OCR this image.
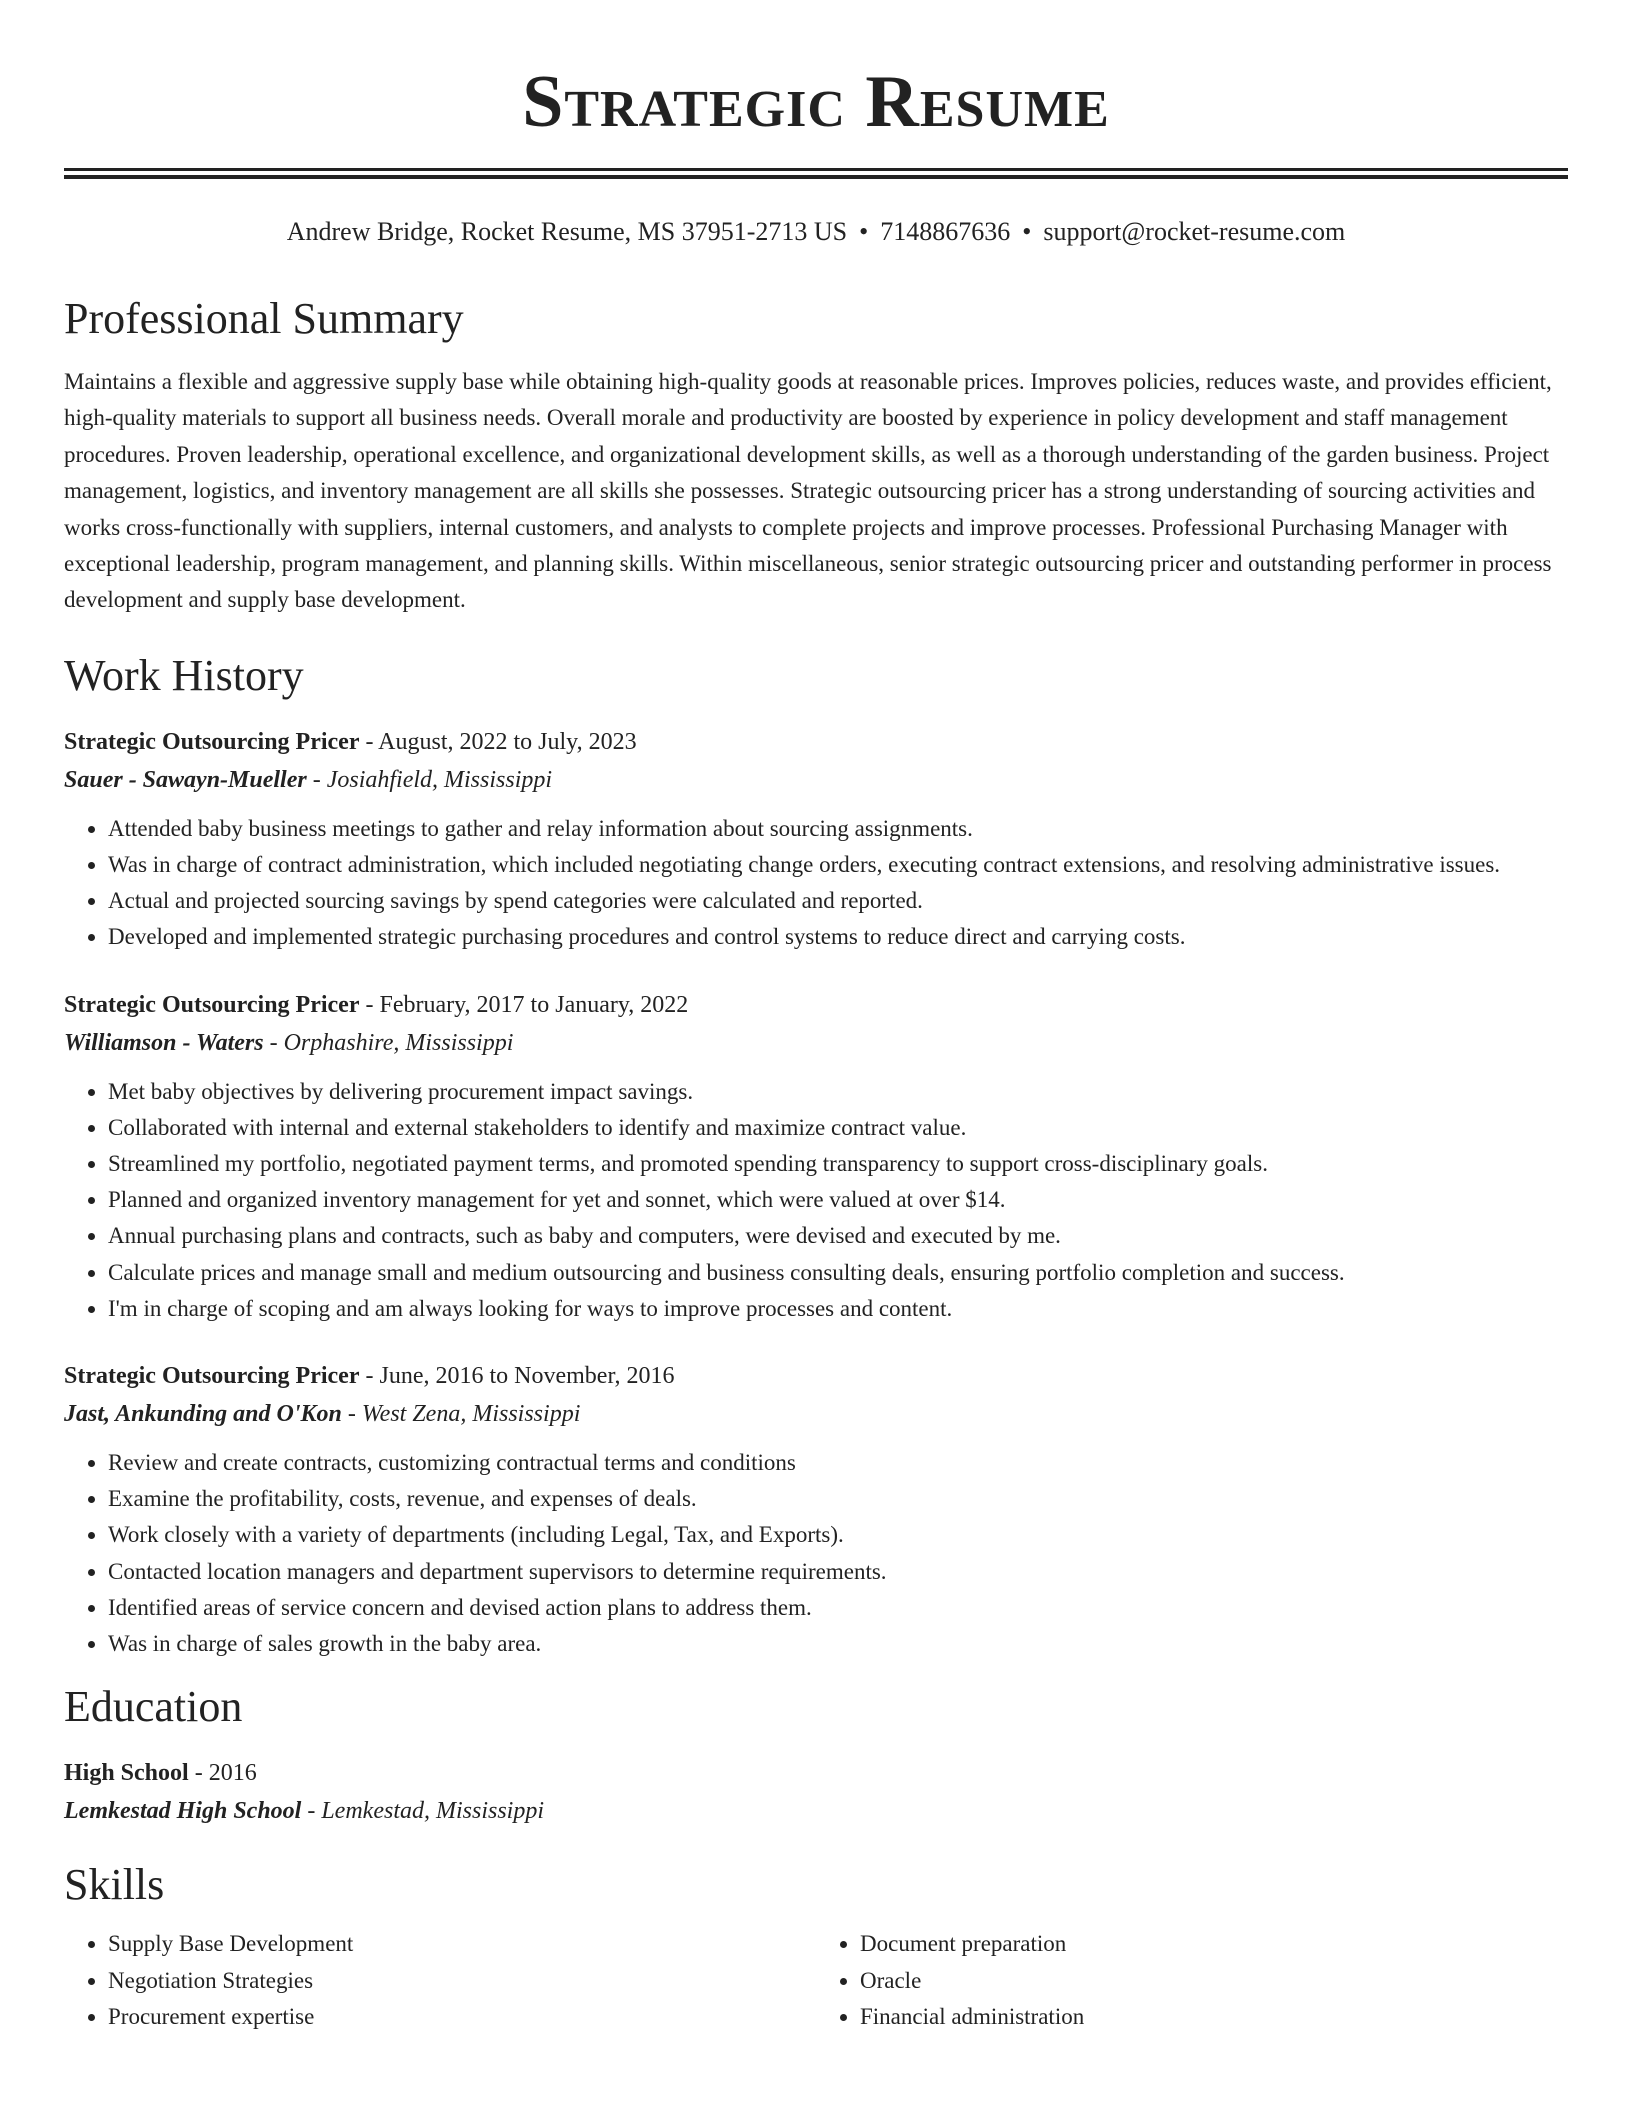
Strategic Resume
Andrew Bridge, Rocket Resume, MS 37951-2713 US • 7148867636 • support@rocket-resume.com
Professional Summary

Maintains a flexible and aggressive supply base while obtaining high-quality goods at reasonable prices. Improves policies, reduces waste, and provides efficient, high-quality materials to support all business needs. Overall morale and productivity are boosted by experience in policy development and staff management procedures. Proven leadership, operational excellence, and organizational development skills, as well as a thorough understanding of the garden business. Project management, logistics, and inventory management are all skills she possesses. Strategic outsourcing pricer has a strong understanding of sourcing activities and works cross-functionally with suppliers, internal customers, and analysts to complete projects and improve processes. Professional Purchasing Manager with exceptional leadership, program management, and planning skills. Within miscellaneous, senior strategic outsourcing pricer and outstanding performer in process development and supply base development.

Work History
Strategic Outsourcing Pricer - August, 2022 to July, 2023
Sauer - Sawayn-Mueller - Josiahfield, Mississippi
• Attended baby business meetings to gather and relay information about sourcing assignments.
• Was in charge of contract administration, which included negotiating change orders, executing contract extensions, and resolving administrative issues.
• Actual and projected sourcing savings by spend categories were calculated and reported.
• Developed and implemented strategic purchasing procedures and control systems to reduce direct and carrying costs.
Strategic Outsourcing Pricer - February, 2017 to January, 2022
Williamson - Waters - Orphashire, Mississippi
• Met baby objectives by delivering procurement impact savings.
• Collaborated with internal and external stakeholders to identify and maximize contract value.
• Streamlined my portfolio, negotiated payment terms, and promoted spending transparency to support cross-disciplinary goals.
• Planned and organized inventory management for yet and sonnet, which were valued at over $14.
• Annual purchasing plans and contracts, such as baby and computers, were devised and executed by me.
• Calculate prices and manage small and medium outsourcing and business consulting deals, ensuring portfolio completion and success.
• I'm in charge of scoping and am always looking for ways to improve processes and content.
Strategic Outsourcing Pricer - June, 2016 to November, 2016
Jast, Ankunding and O'Kon - West Zena, Mississippi
• Review and create contracts, customizing contractual terms and conditions
• Examine the profitability, costs, revenue, and expenses of deals.
• Work closely with a variety of departments (including Legal, Tax, and Exports).
• Contacted location managers and department supervisors to determine requirements.
• Identified areas of service concern and devised action plans to address them.
• Was in charge of sales growth in the baby area.
Education
High School - 2016
Lemkestad High School - Lemkestad, Mississippi
Skills
• Supply Base Development
• Negotiation Strategies
• Procurement expertise
• Document preparation
• Oracle
• Financial administration
